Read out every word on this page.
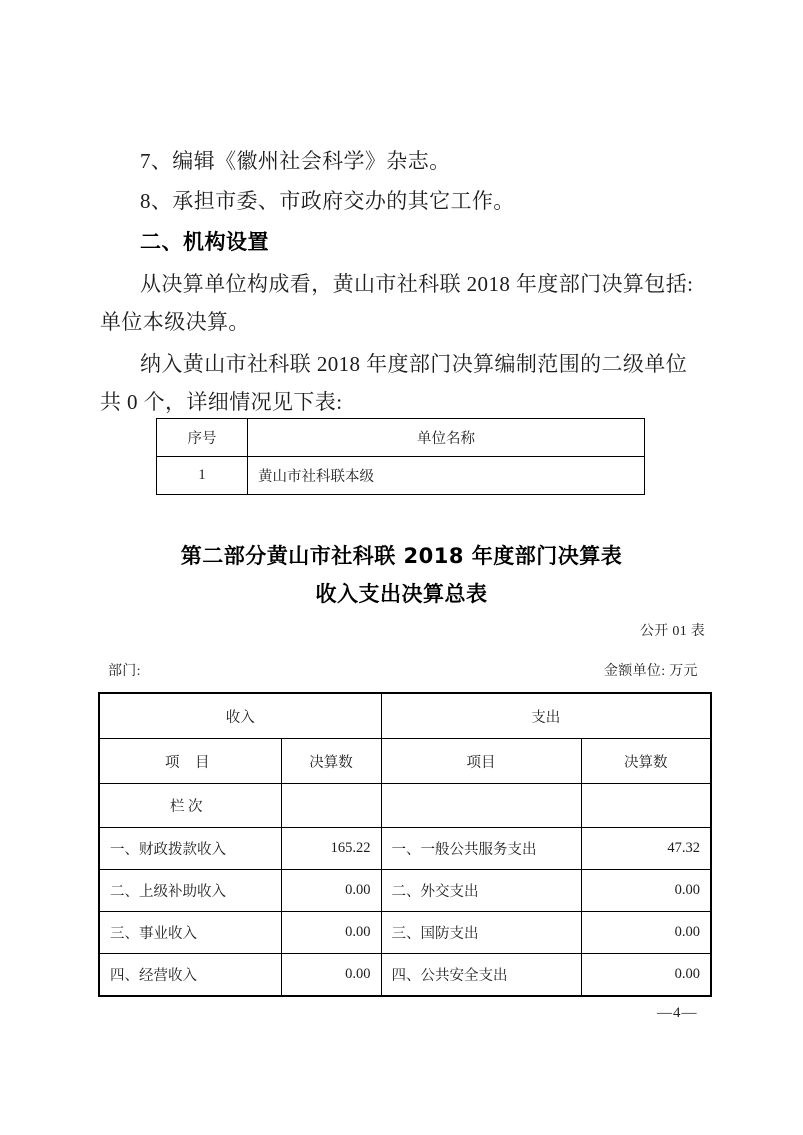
7、编辑《徽州社会科学》杂志。
8、承担市委、市政府交办的其它工作。
二、机构设置
从决算单位构成看，黄山市社科联 2018 年度部门决算包括:
单位本级决算。
纳入黄山市社科联 2018 年度部门决算编制范围的二级单位
共 0 个，详细情况见下表:
序号	单位名称
1	黄山市社科联本级
第二部分黄山市社科联 2018 年度部门决算表
收入支出决算总表
公开 01 表
部门:	金额单位: 万元
收入		支出	
项 目	决算数	项目	决算数
栏 次			
一、财政拨款收入	165.22	一、一般公共服务支出	47.32
二、上级补助收入	0.00	二、外交支出	0.00
三、事业收入	0.00	三、国防支出	0.00
四、经营收入	0.00	四、公共安全支出	0.00
—4—
